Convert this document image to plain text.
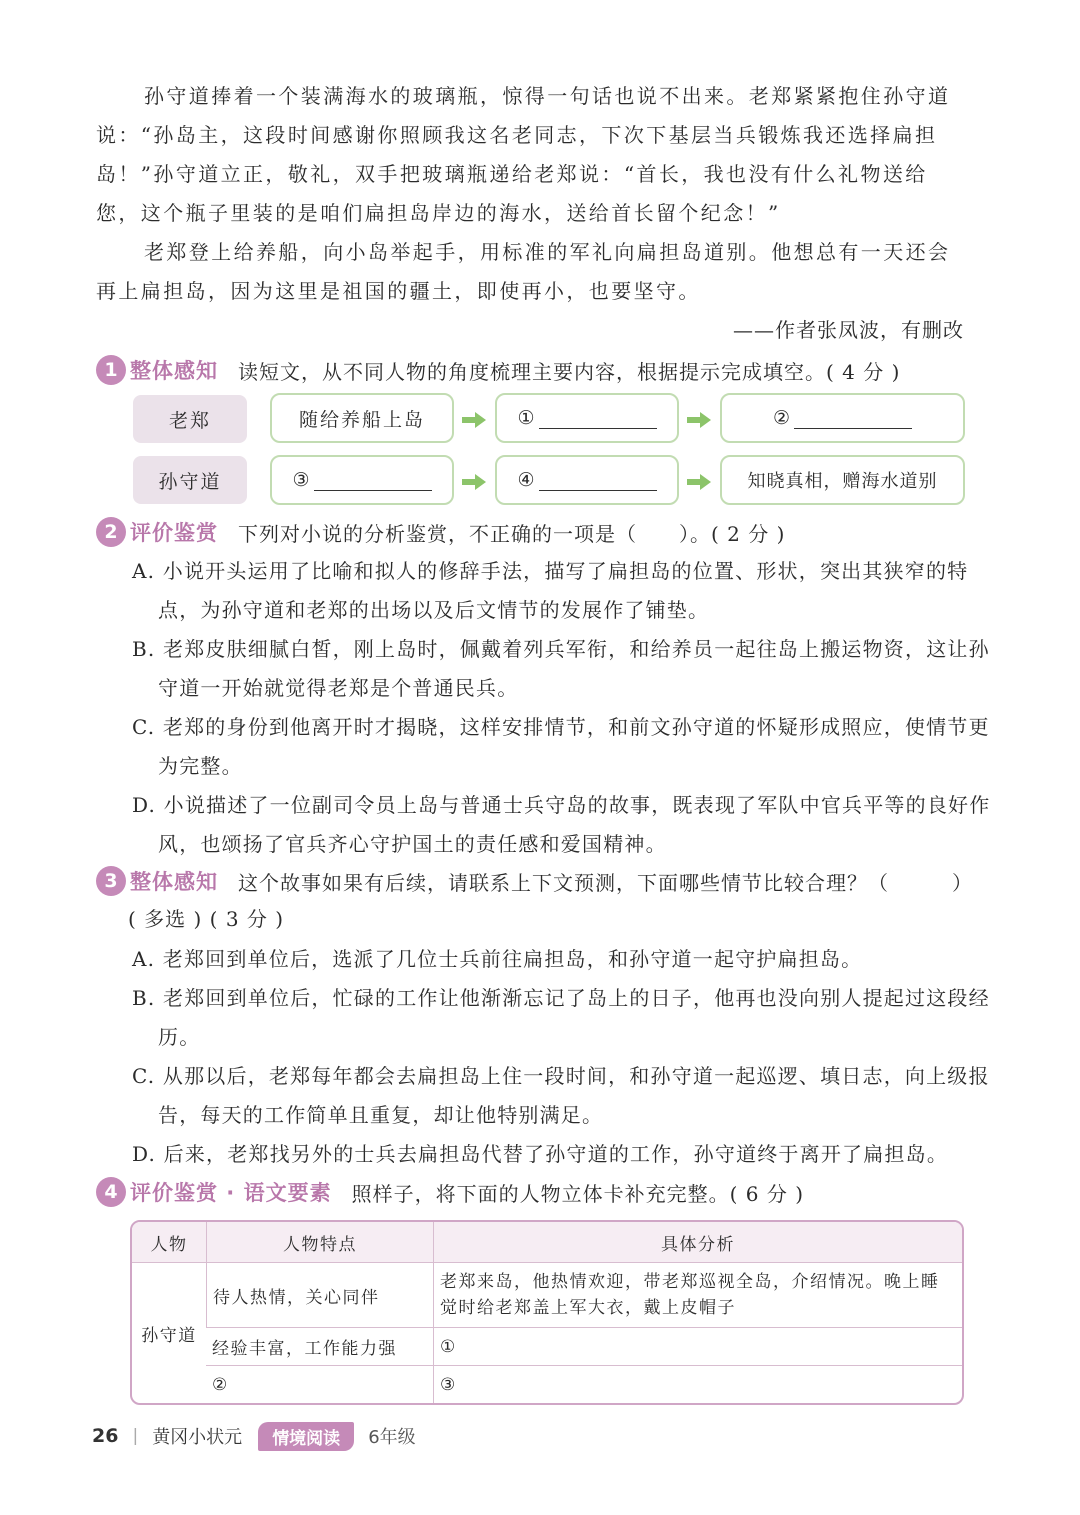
孙守道捧着一个装满海水的玻璃瓶，惊得一句话也说不出来。老郑紧紧抱住孙守道说：“孙岛主，这段时间感谢你照顾我这名老同志，下次下基层当兵锻炼我还选择扁担岛！”孙守道立正，敬礼，双手把玻璃瓶递给老郑说：“首长，我也没有什么礼物送给您，这个瓶子里装的是咱们扁担岛岸边的海水，送给首长留个纪念！”

老郑登上给养船，向小岛举起手，用标准的军礼向扁担岛道别。他想总有一天还会再上扁担岛，因为这里是祖国的疆土，即使再小，也要坚守。

——作者张凤波，有删改
1 整体感知 读短文，从不同人物的角度梳理主要内容，根据提示完成填空。( 4 分 )
老郑	随给养船上岛	①	②
孙守道	③	④	知晓真相，赠海水道别
2 评价鉴赏 下列对小说的分析鉴赏，不正确的一项是（　　）。( 2 分 )

A. 小说开头运用了比喻和拟人的修辞手法，描写了扁担岛的位置、形状，突出其狭窄的特点，为孙守道和老郑的出场以及后文情节的发展作了铺垫。

B. 老郑皮肤细腻白皙，刚上岛时，佩戴着列兵军衔，和给养员一起往岛上搬运物资，这让孙守道一开始就觉得老郑是个普通民兵。

C. 老郑的身份到他离开时才揭晓，这样安排情节，和前文孙守道的怀疑形成照应，使情节更为完整。

D. 小说描述了一位副司令员上岛与普通士兵守岛的故事，既表现了军队中官兵平等的良好作风，也颂扬了官兵齐心守护国土的责任感和爱国精神。

3 整体感知 这个故事如果有后续，请联系上下文预测，下面哪些情节比较合理？（　　　）
( 多选 ) ( 3 分 )

A. 老郑回到单位后，选派了几位士兵前往扁担岛，和孙守道一起守护扁担岛。

B. 老郑回到单位后，忙碌的工作让他渐渐忘记了岛上的日子，他再也没向别人提起过这段经历。

C. 从那以后，老郑每年都会去扁担岛上住一段时间，和孙守道一起巡逻、填日志，向上级报告，每天的工作简单且重复，却让他特别满足。

D. 后来，老郑找另外的士兵去扁担岛代替了孙守道的工作，孙守道终于离开了扁担岛。

4 评价鉴赏 · 语文要素 照样子，将下面的人物立体卡补充完整。( 6 分 )
人物	人物特点	具体分析
孙守道	待人热情，关心同伴	老郑来岛，他热情欢迎，带老郑巡视全岛，介绍情况。晚上睡觉时给老郑盖上军大衣，戴上皮帽子
	经验丰富，工作能力强	①
	②	③
26 | 黄冈小状元	情境阅读	6年级
